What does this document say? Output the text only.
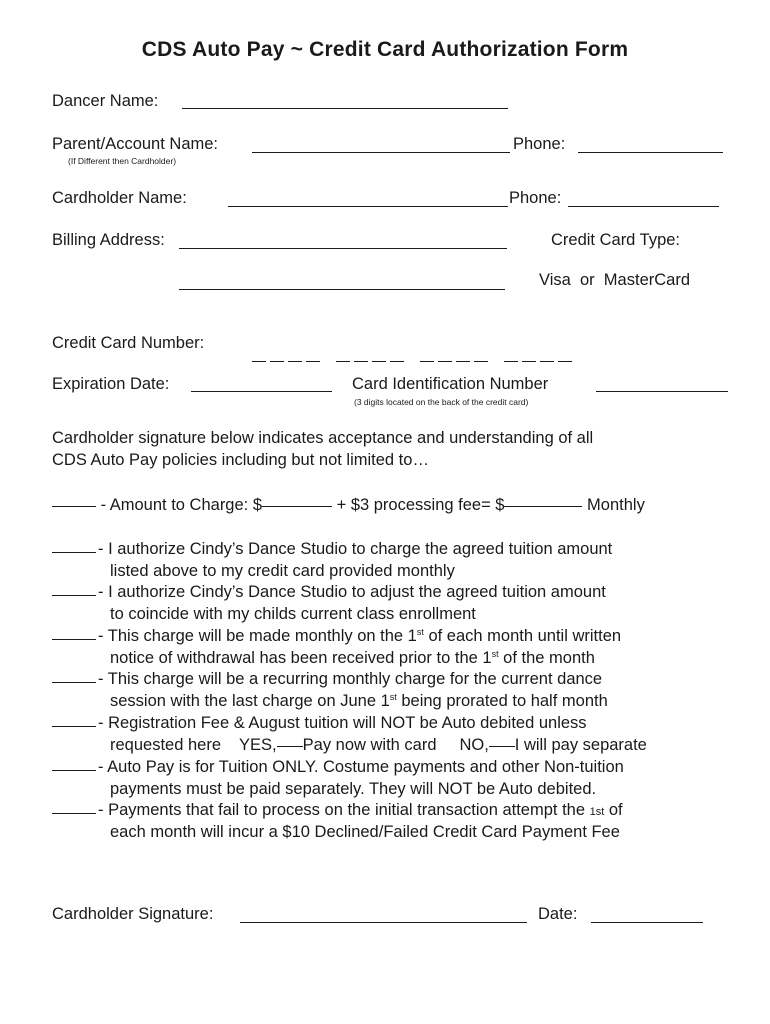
CDS Auto Pay ~ Credit Card Authorization Form
Dancer Name:
Parent/Account Name:	Phone:
(If Different then Cardholder)
Cardholder Name:	Phone:
Billing Address:	Credit Card Type:
Visa  or  MasterCard
Credit Card Number:
Expiration Date:	Card Identification Number
(3 digits located on the back of the credit card)
Cardholder signature below indicates acceptance and understanding of all
CDS Auto Pay policies including but not limited to…
- Amount to Charge: $	+ $3 processing fee= $	Monthly
- I authorize Cindy’s Dance Studio to charge the agreed tuition amount
listed above to my credit card provided monthly
- I authorize Cindy’s Dance Studio to adjust the agreed tuition amount
to coincide with my childs current class enrollment
- This charge will be made monthly on the 1st of each month until written
notice of withdrawal has been received prior to the 1st of the month
- This charge will be a recurring monthly charge for the current dance
session with the last charge on June 1st being prorated to half month
- Registration Fee & August tuition will NOT be Auto debited unless
requested here    YES, Pay now with card     NO, I will pay separate
- Auto Pay is for Tuition ONLY. Costume payments and other Non-tuition
payments must be paid separately. They will NOT be Auto debited.
- Payments that fail to process on the initial transaction attempt the 1st of
each month will incur a $10 Declined/Failed Credit Card Payment Fee
Cardholder Signature:	Date:
